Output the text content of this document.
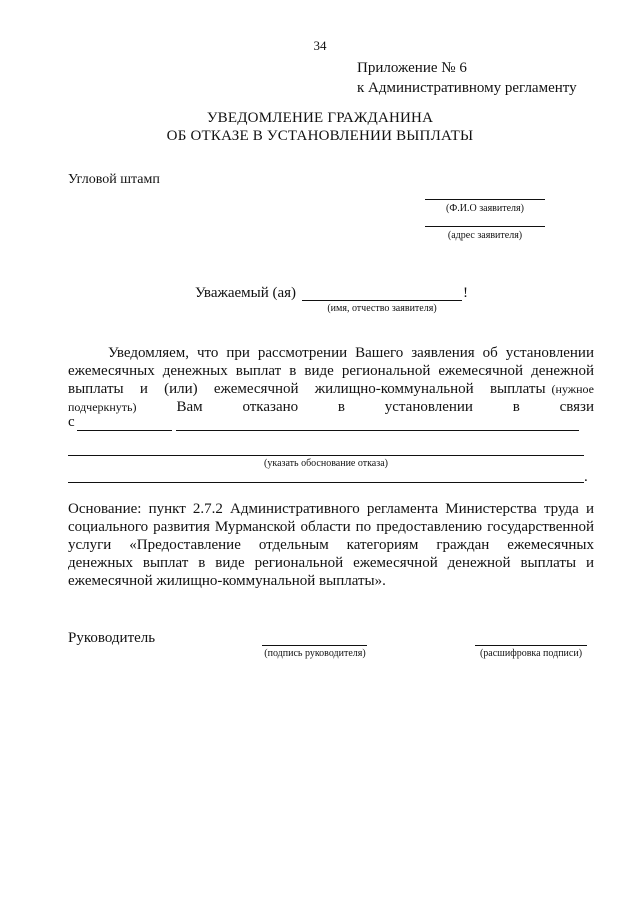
34
Приложение № 6
к Административному регламенту
УВЕДОМЛЕНИЕ ГРАЖДАНИНА
ОБ ОТКАЗЕ В УСТАНОВЛЕНИИ ВЫПЛАТЫ
Угловой штамп
(Ф.И.О заявителя)
(адрес заявителя)
Уважаемый (ая)	!
(имя, отчество заявителя)
Уведомляем, что при рассмотрении Вашего заявления об установлении
ежемесячных денежных выплат в виде региональной ежемесячной денежной
выплаты и (или) ежемесячной жилищно-коммунальной выплаты (нужное
подчеркнуть)	Вам отказано в установлении в связи
с
(указать обоснование отказа)
.
Основание: пункт 2.7.2 Административного регламента Министерства труда и
социального развития Мурманской области по предоставлению государственной
услуги «Предоставление отдельным категориям граждан ежемесячных
денежных выплат в виде региональной ежемесячной денежной выплаты и
ежемесячной жилищно-коммунальной выплаты».
Руководитель
(подпись руководителя)	(расшифровка подписи)
